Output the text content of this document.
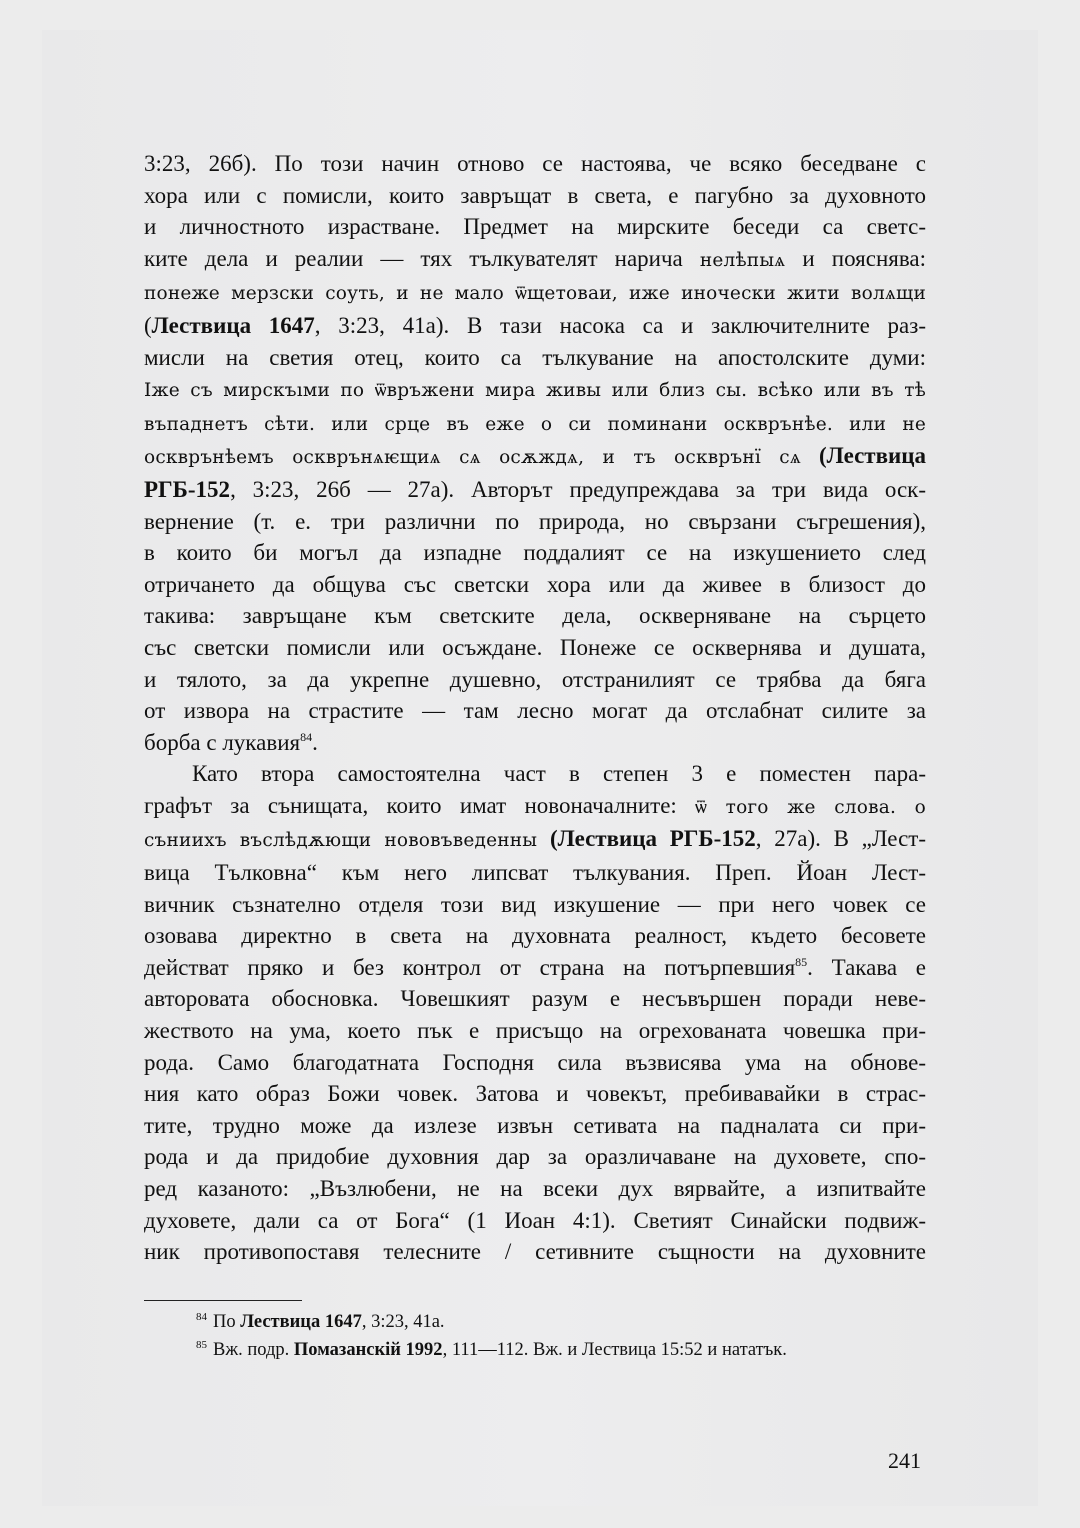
3:23, 26б). По този начин отново се настоява, че всяко беседване с
хора или с помисли, които завръщат в света, е пагубно за духовното
и личностното израстване. Предмет на мирските беседи са светс-
ките дела и реалии — тях тълкувателят нарича нелѣпыѧ и пояснява:
понеже мерзски соуть, и не мало ѿщетоваи, иже иночески жити волѧщи
(Лествица 1647, 3:23, 41а). В тази насока са и заключителните раз-
мисли на светия отец, които са тълкувание на апостолските думи:
Іже съ мирскъıми по ѿвръжени мира живы или близ сы. всѣко или въ тѣ
въпаднетъ сѣти. или срце въ еже о си поминани оскврънѣе. или не
оскврънѣемъ оскврънѧѥщиѧ сѧ осѫждѧ, и тъ оскврънї сѧ (Лествица
РГБ-152, 3:23, 26б — 27а). Авторът предупреждава за три вида оск-
вернение (т. е. три различни по природа, но свързани съгрешения),
в които би могъл да изпадне поддалият се на изкушението след
отричането да общува със светски хора или да живее в близост до
такива: завръщане към светските дела, оскверняване на сърцето
със светски помисли или осъждане. Понеже се осквернява и душата,
и тялото, за да укрепне душевно, отстранилият се трябва да бяга
от извора на страстите — там лесно могат да отслабнат силите за
борба с лукавия$^{84}$.
Като втора самостоятелна част в степен 3 е поместен пара-
графът за сънищата, които имат новоначалните: ѿ того же слова. о
съниихъ въслѣдѫющи нововъведенны (Лествица РГБ-152, 27а). В „Лест-
вица Тълковна“ към него липсват тълкувания. Преп. Йоан Лест-
вичник съзнателно отделя този вид изкушение — при него човек се
озовава директно в света на духовната реалност, където бесовете
действат пряко и без контрол от страна на потърпевшия$^{85}$. Такава е
авторовата обосновка. Човешкият разум е несъвършен поради неве-
жеството на ума, което пък е присъщо на огрехованата човешка при-
рода. Само благодатната Господня сила възвисява ума на обнове-
ния като образ Божи човек. Затова и човекът, пребивавайки в страс-
тите, трудно може да излезе извън сетивата на падналата си при-
рода и да придобие духовния дар за оразличаване на духовете, спо-
ред казаното: „Възлюбени, не на всеки дух вярвайте, а изпитвайте
духовете, дали са от Бога“ (1 Иоан 4:1). Светият Синайски подвиж-
ник противопоставя телесните / сетивните същности на духовните
$^{84}$ По Лествица 1647, 3:23, 41а.
$^{85}$ Вж. подр. Помазанскій 1992, 111—112. Вж. и Лествица 15:52 и нататък.
241
